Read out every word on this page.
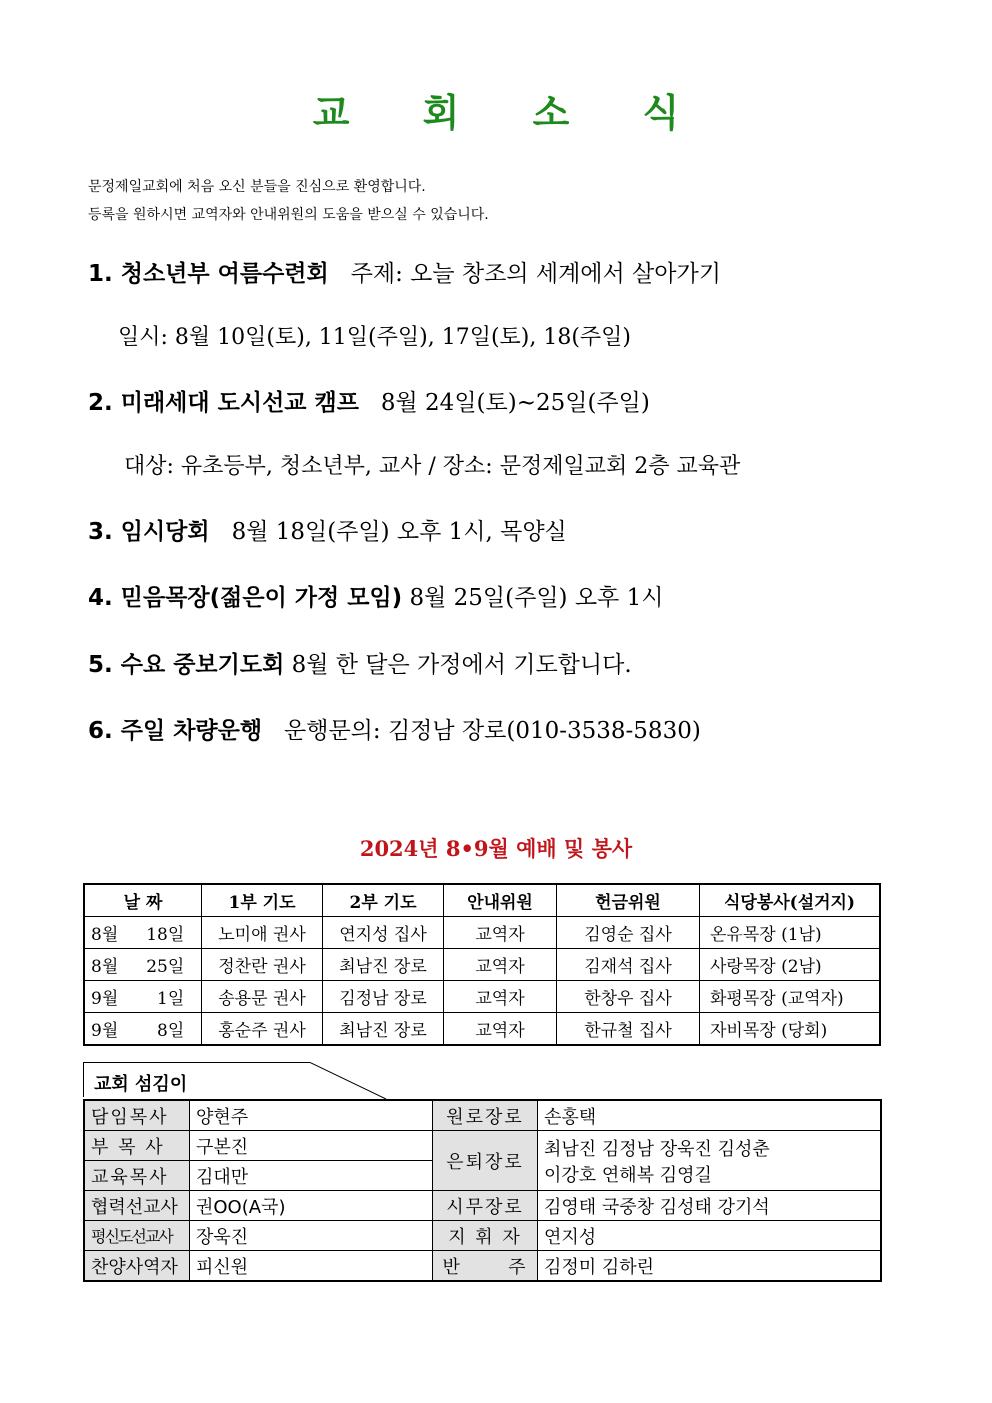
교 회 소 식
문정제일교회에 처음 오신 분들을 진심으로 환영합니다.
등록을 원하시면 교역자와 안내위원의 도움을 받으실 수 있습니다.
1. 청소년부 여름수련회 주제: 오늘 창조의 세계에서 살아가기
일시: 8월 10일(토), 11일(주일), 17일(토), 18(주일)
2. 미래세대 도시선교 캠프 8월 24일(토)~25일(주일)
대상: 유초등부, 청소년부, 교사 / 장소: 문정제일교회 2층 교육관
3. 임시당회 8월 18일(주일) 오후 1시, 목양실
4. 믿음목장(젊은이 가정 모임) 8월 25일(주일) 오후 1시
5. 수요 중보기도회 8월 한 달은 가정에서 기도합니다.
6. 주일 차량운행 운행문의: 김정남 장로(010-3538-5830)
2024년 8•9월 예배 및 봉사
날 짜	1부 기도	2부 기도	안내위원	헌금위원	식당봉사(설거지)
8월 18일	노미애 권사	연지성 집사	교역자	김영순 집사	온유목장 (1남)
8월 25일	정찬란 권사	최남진 장로	교역자	김재석 집사	사랑목장 (2남)
9월 1일	송용문 권사	김정남 장로	교역자	한창우 집사	화평목장 (교역자)
9월 8일	홍순주 권사	최남진 장로	교역자	한규철 집사	자비목장 (당회)
교회 섬김이
담임목사	양현주	원로장로	손홍택
부 목 사	구본진	은퇴장로	최남진 김정남 장욱진 김성춘
이강호 연해복 김영길

교육목사	김대만		
협력선교사	권OO(A국)	시무장로	김영태 국중창 김성태 강기석
평신도선교사	장욱진	지 휘 자	연지성
찬양사역자	피신원	반      주	김정미 김하린
